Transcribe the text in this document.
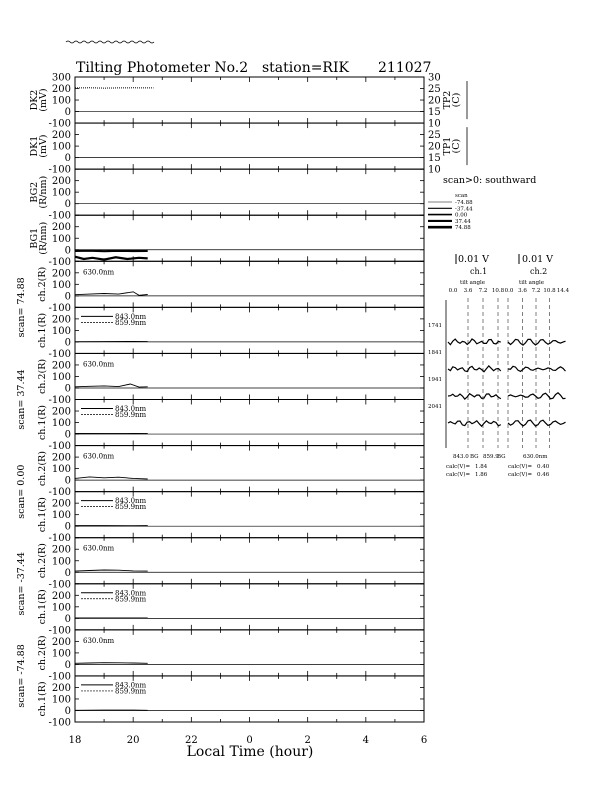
Tilting Photometer No.2 station=RIK 211027
Local Time (hour)
scan>0: southward
scan
0.01 V	0.01 V
ch.1	ch.2
tilt angle	tilt angle
300
200
100
0
-100
DK2
(mV)
30
25
20
15
10
TP2
(C)
200
100
0
-100
DK1
(mV)	25
20
15
10
TP1
(C)
200
100
0
-100
BG2
(R/nm)
200
100
0
-100
BG1
(R/nm)
200
100
0
-100
ch.2(R)	630.0nm
200
100
0
-100
ch.1(R)	843.0nm
859.9nm
200
100
0
-100
ch.2(R)	630.0nm
200
100
0
-100
ch.1(R)	843.0nm
859.9nm
200
100
0
-100
ch.2(R)	630.0nm
200
100
0
-100
ch.1(R)	843.0nm
859.9nm
200
100
0
-100
ch.2(R)	630.0nm
200
100
0
-100
ch.1(R)	843.0nm
859.9nm
200
100
0
-100
ch.2(R)	630.0nm
200
100
0
-100
ch.1(R)	843.0nm
859.9nm
18	20	22	0	2	4	6
scan= 74.88
scan= 37.44
scan= 0.00
scan= -37.44
scan= -74.88
-74.88
-37.44
0.00
37.44
74.88
0.0 3.6 7.2 10.8 0.0 3.6 7.2 10.8 14.4
1741
1841
1941
2041
843.0 BG 859.9
BG	630.0nm
calc(V)= 1.84
calc(V)= 1.86
calc(V)= 0.40
calc(V)= 0.46
